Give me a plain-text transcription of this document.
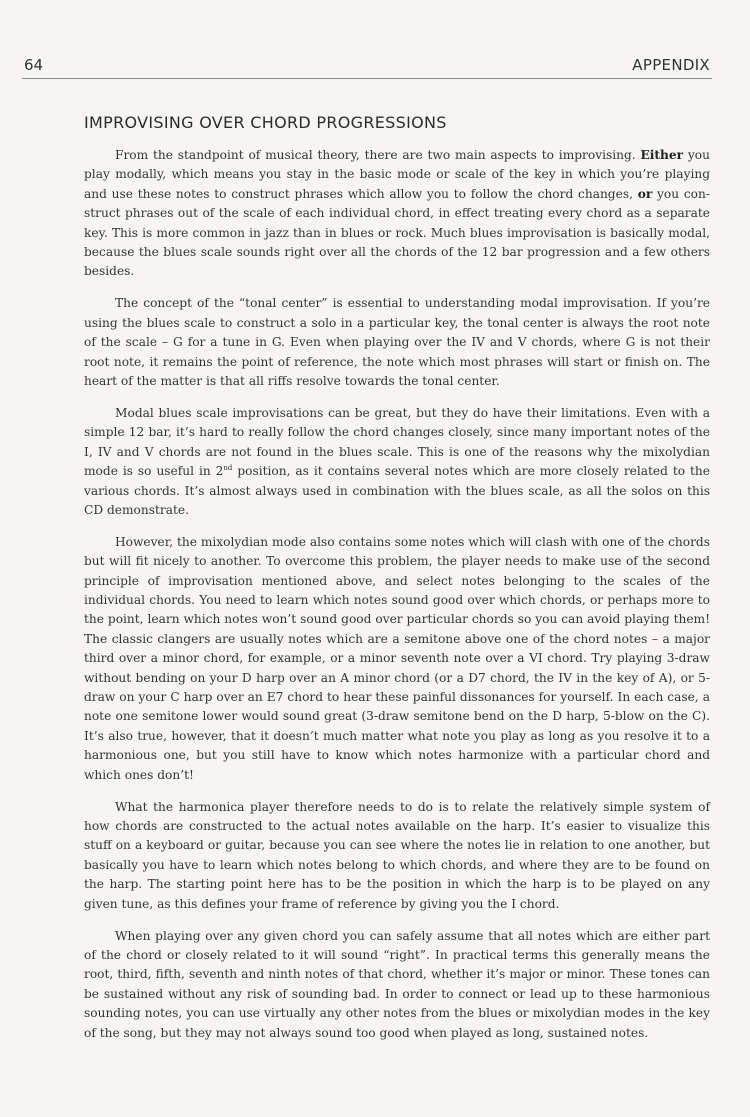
64	APPENDIX
IMPROVISING OVER CHORD PROGRESSIONS

From the standpoint of musical theory, there are two main aspects to improvising. Either you play modally, which means you stay in the basic mode or scale of the key in which you’re playing and use these notes to construct phrases which allow you to follow the chord changes, or you construct phrases out of the scale of each individual chord, in effect treating every chord as a separate key. This is more common in jazz than in blues or rock. Much blues improvisation is basically modal, because the blues scale sounds right over all the chords of the 12 bar progression and a few others besides.

The concept of the “tonal center” is essential to understanding modal improvisation. If you’re using the blues scale to construct a solo in a particular key, the tonal center is always the root note of the scale – G for a tune in G. Even when playing over the IV and V chords, where G is not their root note, it remains the point of reference, the note which most phrases will start or finish on. The heart of the matter is that all riffs resolve towards the tonal center.

Modal blues scale improvisations can be great, but they do have their limitations. Even with a simple 12 bar, it’s hard to really follow the chord changes closely, since many important notes of the I, IV and V chords are not found in the blues scale. This is one of the reasons why the mixolydian mode is so useful in 2nd position, as it contains several notes which are more closely related to the various chords. It’s almost always used in combination with the blues scale, as all the solos on this CD demonstrate.

However, the mixolydian mode also contains some notes which will clash with one of the chords but will fit nicely to another. To overcome this problem, the player needs to make use of the second principle of improvisation mentioned above, and select notes belonging to the scales of the individual chords. You need to learn which notes sound good over which chords, or perhaps more to the point, learn which notes won’t sound good over particular chords so you can avoid playing them! The classic clangers are usually notes which are a semitone above one of the chord notes – a major third over a minor chord, for example, or a minor seventh note over a VI chord. Try playing 3-draw without bending on your D harp over an A minor chord (or a D7 chord, the IV in the key of A), or 5-draw on your C harp over an E7 chord to hear these painful dissonances for yourself. In each case, a note one semitone lower would sound great (3-draw semitone bend on the D harp, 5-blow on the C). It’s also true, however, that it doesn’t much matter what note you play as long as you resolve it to a harmonious one, but you still have to know which notes harmonize with a particular chord and which ones don’t!

What the harmonica player therefore needs to do is to relate the relatively simple system of how chords are constructed to the actual notes available on the harp. It’s easier to visualize this stuff on a keyboard or guitar, because you can see where the notes lie in relation to one another, but basically you have to learn which notes belong to which chords, and where they are to be found on the harp. The starting point here has to be the position in which the harp is to be played on any given tune, as this defines your frame of reference by giving you the I chord.

When playing over any given chord you can safely assume that all notes which are either part of the chord or closely related to it will sound “right”. In practical terms this generally means the root, third, fifth, seventh and ninth notes of that chord, whether it’s major or minor. These tones can be sustained without any risk of sounding bad. In order to connect or lead up to these harmonious sounding notes, you can use virtually any other notes from the blues or mixolydian modes in the key of the song, but they may not always sound too good when played as long, sustained notes.
